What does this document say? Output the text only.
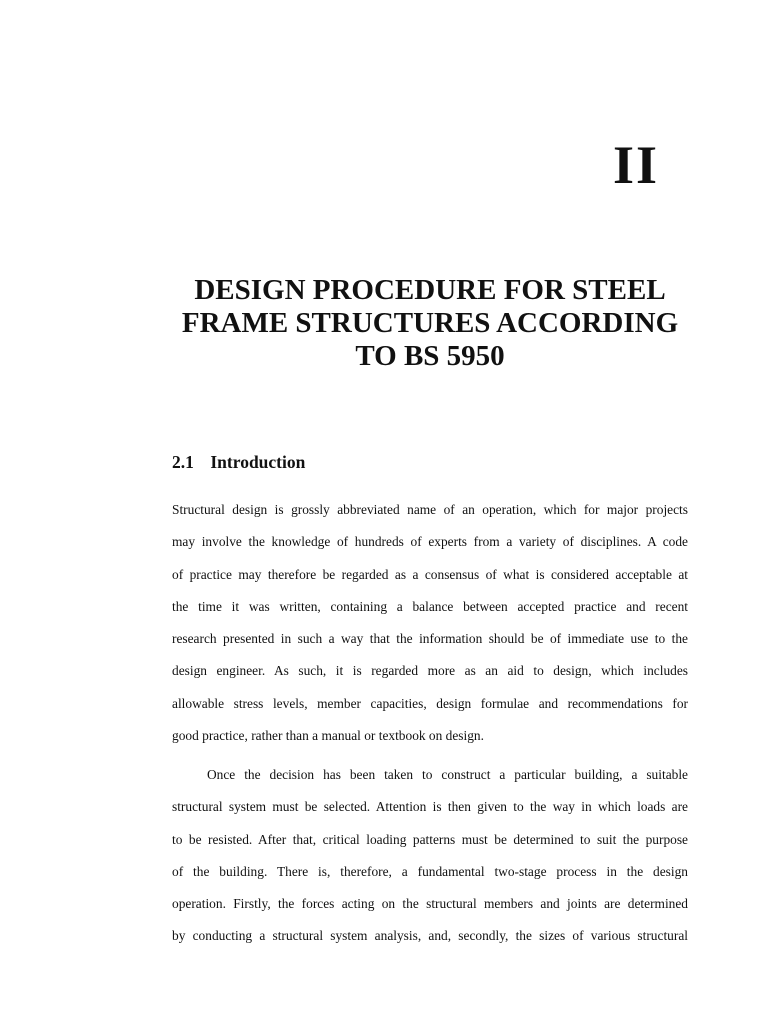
II
DESIGN PROCEDURE FOR STEEL
FRAME STRUCTURES ACCORDING
TO BS 5950
2.1 Introduction
Structural design is grossly abbreviated name of an operation, which for major projects
may involve the knowledge of hundreds of experts from a variety of disciplines. A code
of practice may therefore be regarded as a consensus of what is considered acceptable at
the time it was written, containing a balance between accepted practice and recent
research presented in such a way that the information should be of immediate use to the
design engineer. As such, it is regarded more as an aid to design, which includes
allowable stress levels, member capacities, design formulae and recommendations for
good practice, rather than a manual or textbook on design.
Once the decision has been taken to construct a particular building, a suitable
structural system must be selected. Attention is then given to the way in which loads are
to be resisted. After that, critical loading patterns must be determined to suit the purpose
of the building. There is, therefore, a fundamental two-stage process in the design
operation. Firstly, the forces acting on the structural members and joints are determined
by conducting a structural system analysis, and, secondly, the sizes of various structural
